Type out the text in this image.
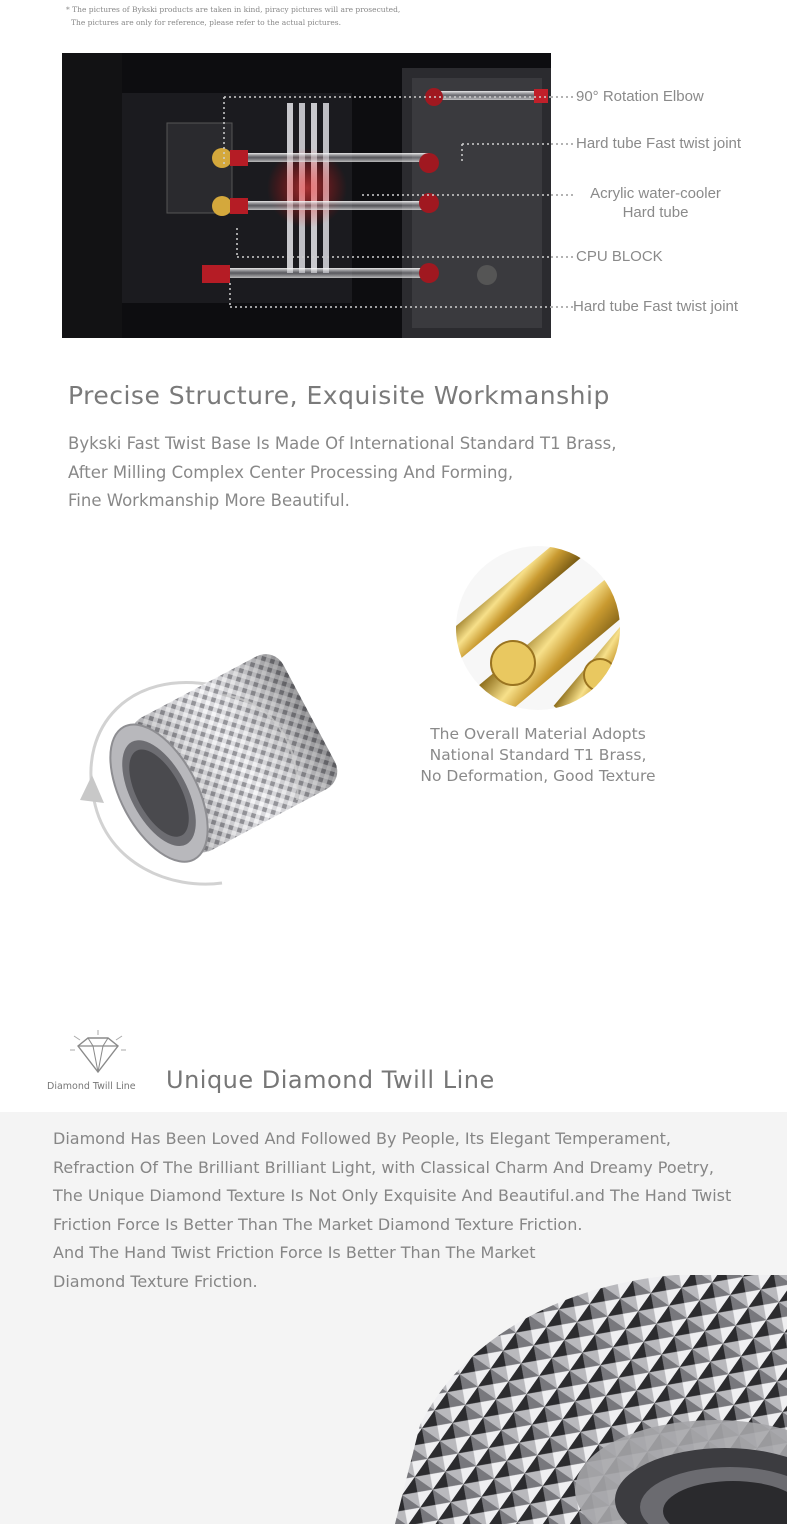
* The pictures of Bykski products are taken in kind, piracy pictures will are prosecuted,
The pictures are only for reference, please refer to the actual pictures.
90° Rotation Elbow
Hard tube Fast twist joint
Acrylic water-cooler
Hard tube
CPU BLOCK
Hard tube Fast twist joint
Precise Structure, Exquisite Workmanship
Bykski Fast Twist Base Is Made Of International Standard T1 Brass,
After Milling Complex Center Processing And Forming,
Fine Workmanship More Beautiful.
The Overall Material Adopts
National Standard T1 Brass,
No Deformation, Good Texture
Diamond Twill Line Unique Diamond Twill Line
Diamond Has Been Loved And Followed By People, Its Elegant Temperament,
Refraction Of The Brilliant Brilliant Light, with Classical Charm And Dreamy Poetry,
The Unique Diamond Texture Is Not Only Exquisite And Beautiful.and The Hand Twist
Friction Force Is Better Than The Market Diamond Texture Friction.
And The Hand Twist Friction Force Is Better Than The Market
Diamond Texture Friction.
